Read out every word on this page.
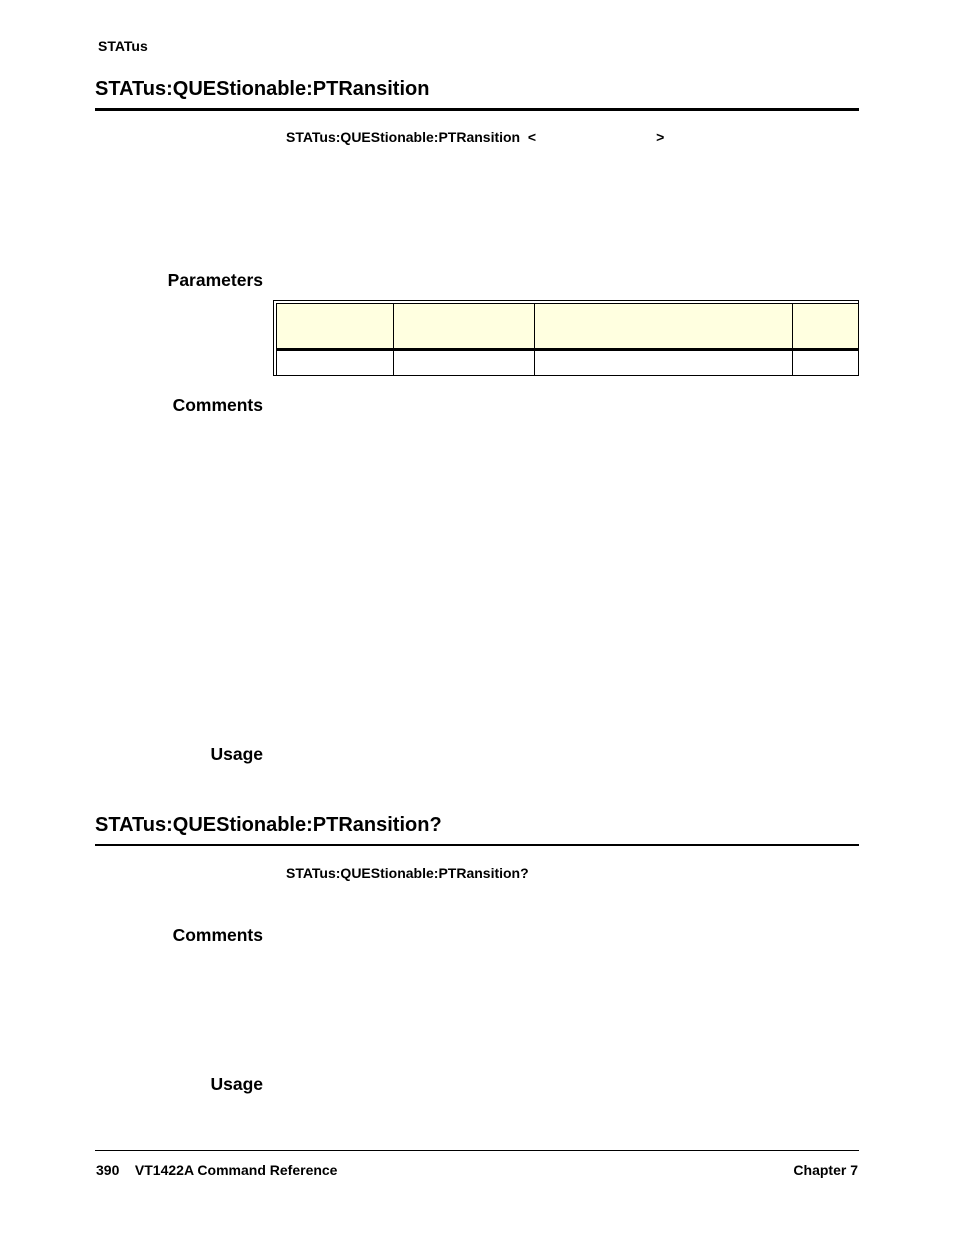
STATus
STATus:QUEStionable:PTRansition
STATus:QUEStionable:PTRansition  <	>
Parameters

Comments
Usage
STATus:QUEStionable:PTRansition?
STATus:QUEStionable:PTRansition?
Comments
Usage
390    VT1422A Command Reference	Chapter 7
